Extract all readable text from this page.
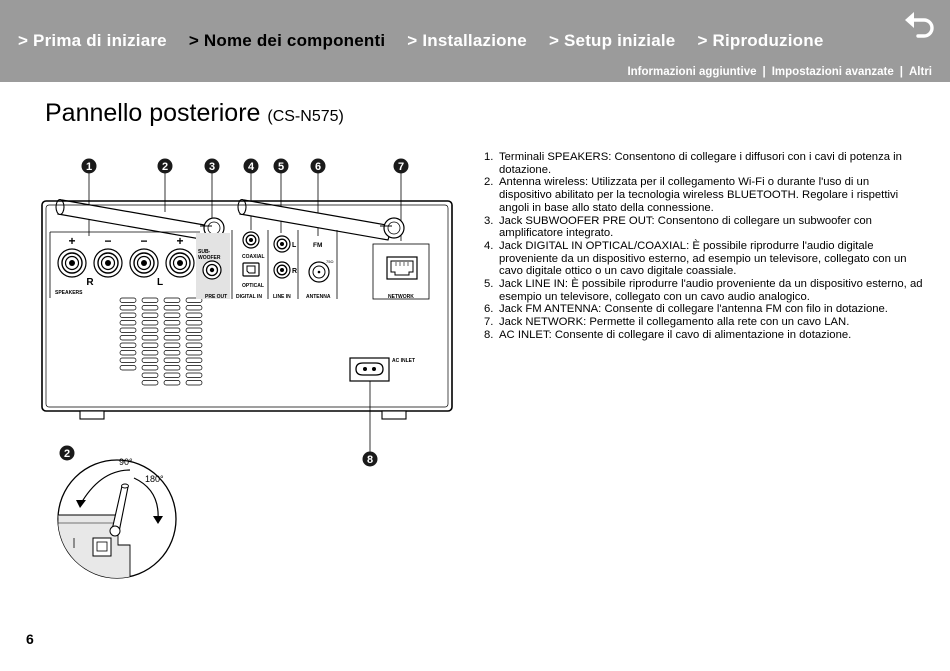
> Prima di iniziare > Nome dei componenti > Installazione > Setup iniziale > Riproduzione
Informazioni aggiuntive | Impostazioni avanzate | Altri
Pannello posteriore (CS-N575)
+ − − +
R	L
SPEAKERS
SUB-
WOOFER
PRE OUT
COAXIAL
OPTICAL
DIGITAL IN
L
R
LINE IN
FM
75Ω
ANTENNA	NETWORK
AC INLET
1	2	3	4 5	6	7
8
2
90°
180°
1. Terminali SPEAKERS: Consentono di collegare i diffusori con i cavi di potenza in dotazione.
2. Antenna wireless: Utilizzata per il collegamento Wi-Fi o durante l'uso di un dispositivo abilitato per la tecnologia wireless BLUETOOTH. Regolare i rispettivi angoli in base allo stato della connessione.
3. Jack SUBWOOFER PRE OUT: Consentono di collegare un subwoofer con amplificatore integrato.
4. Jack DIGITAL IN OPTICAL/COAXIAL: È possibile riprodurre l'audio digitale proveniente da un dispositivo esterno, ad esempio un televisore, collegato con un cavo digitale ottico o un cavo digitale coassiale.
5. Jack LINE IN: È possibile riprodurre l'audio proveniente da un dispositivo esterno, ad esempio un televisore, collegato con un cavo audio analogico.
6. Jack FM ANTENNA: Consente di collegare l'antenna FM con filo in dotazione.
7. Jack NETWORK: Permette il collegamento alla rete con un cavo LAN.
8. AC INLET: Consente di collegare il cavo di alimentazione in dotazione.
6
